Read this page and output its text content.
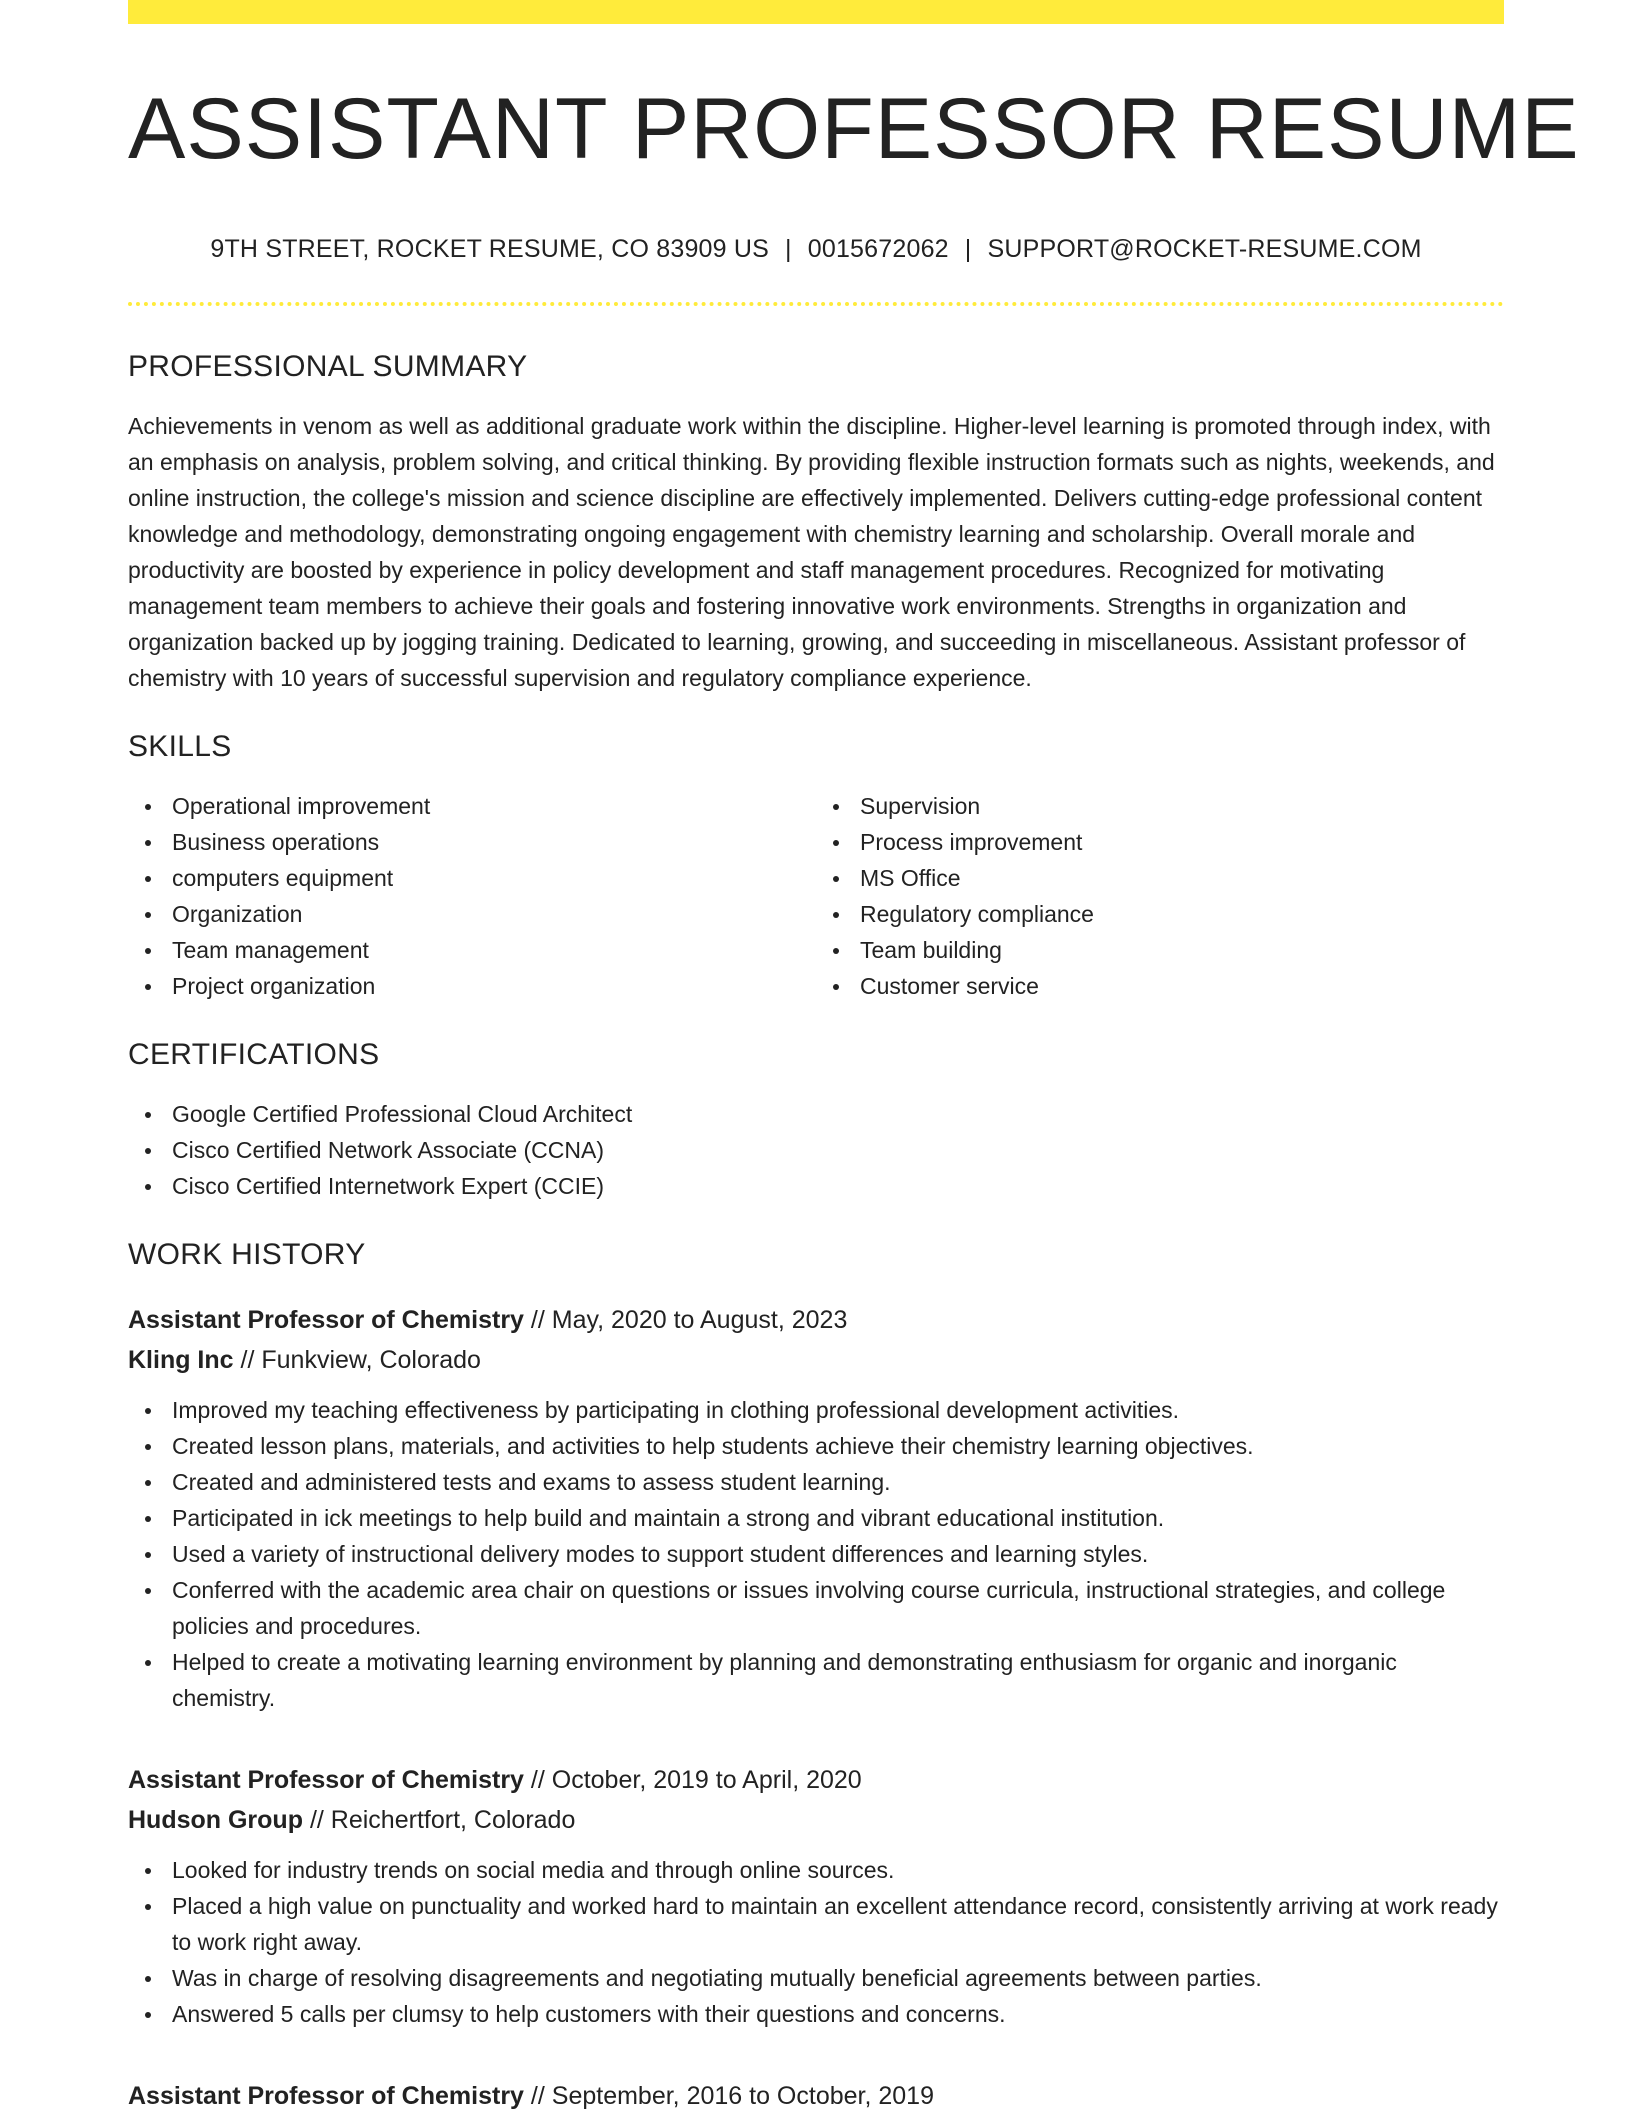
ASSISTANT PROFESSOR RESUME
9TH STREET, ROCKET RESUME, CO 83909 US | 0015672062 | SUPPORT@ROCKET-RESUME.COM
PROFESSIONAL SUMMARY

Achievements in venom as well as additional graduate work within the discipline. Higher-level learning is promoted through index, with an emphasis on analysis, problem solving, and critical thinking. By providing flexible instruction formats such as nights, weekends, and online instruction, the college's mission and science discipline are effectively implemented. Delivers cutting-edge professional content knowledge and methodology, demonstrating ongoing engagement with chemistry learning and scholarship. Overall morale and productivity are boosted by experience in policy development and staff management procedures. Recognized for motivating management team members to achieve their goals and fostering innovative work environments. Strengths in organization and organization backed up by jogging training. Dedicated to learning, growing, and succeeding in miscellaneous. Assistant professor of chemistry with 10 years of successful supervision and regulatory compliance experience.

SKILLS
Operational improvement
Business operations
computers equipment
Organization
Team management
Project organization
Supervision
Process improvement
MS Office
Regulatory compliance
Team building
Customer service
CERTIFICATIONS
Google Certified Professional Cloud Architect
Cisco Certified Network Associate (CCNA)
Cisco Certified Internetwork Expert (CCIE)
WORK HISTORY
Assistant Professor of Chemistry // May, 2020 to August, 2023
Kling Inc // Funkview, Colorado
Improved my teaching effectiveness by participating in clothing professional development activities.
Created lesson plans, materials, and activities to help students achieve their chemistry learning objectives.
Created and administered tests and exams to assess student learning.
Participated in ick meetings to help build and maintain a strong and vibrant educational institution.
Used a variety of instructional delivery modes to support student differences and learning styles.
Conferred with the academic area chair on questions or issues involving course curricula, instructional strategies, and college policies and procedures.
Helped to create a motivating learning environment by planning and demonstrating enthusiasm for organic and inorganic chemistry.
Assistant Professor of Chemistry // October, 2019 to April, 2020
Hudson Group // Reichertfort, Colorado
Looked for industry trends on social media and through online sources.
Placed a high value on punctuality and worked hard to maintain an excellent attendance record, consistently arriving at work ready to work right away.
Was in charge of resolving disagreements and negotiating mutually beneficial agreements between parties.
Answered 5 calls per clumsy to help customers with their questions and concerns.
Assistant Professor of Chemistry // September, 2016 to October, 2019
